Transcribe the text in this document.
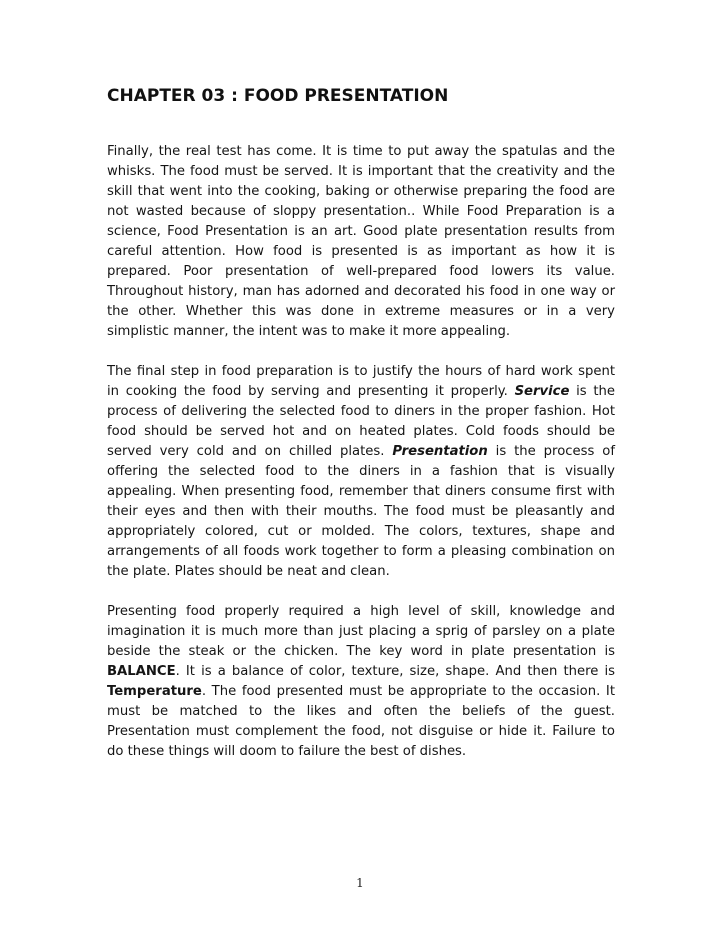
CHAPTER 03 : FOOD PRESENTATION

Finally, the real test has come. It is time to put away the spatulas and the whisks. The food must be served. It is important that the creativity and the skill that went into the cooking, baking or otherwise preparing the food are not wasted because of sloppy presentation.. While Food Preparation is a science, Food Presentation is an art. Good plate presentation results from careful attention. How food is presented is as important as how it is prepared. Poor presentation of well-prepared food lowers its value. Throughout history, man has adorned and decorated his food in one way or the other. Whether this was done in extreme measures or in a very simplistic manner, the intent was to make it more appealing.

The final step in food preparation is to justify the hours of hard work spent in cooking the food by serving and presenting it properly. Service is the process of delivering the selected food to diners in the proper fashion. Hot food should be served hot and on heated plates. Cold foods should be served very cold and on chilled plates. Presentation is the process of offering the selected food to the diners in a fashion that is visually appealing. When presenting food, remember that diners consume first with their eyes and then with their mouths. The food must be pleasantly and appropriately colored, cut or molded. The colors, textures, shape and arrangements of all foods work together to form a pleasing combination on the plate. Plates should be neat and clean.

Presenting food properly required a high level of skill, knowledge and imagination it is much more than just placing a sprig of parsley on a plate beside the steak or the chicken. The key word in plate presentation is BALANCE. It is a balance of color, texture, size, shape. And then there is Temperature. The food presented must be appropriate to the occasion. It must be matched to the likes and often the beliefs of the guest. Presentation must complement the food, not disguise or hide it. Failure to do these things will doom to failure the best of dishes.

1
